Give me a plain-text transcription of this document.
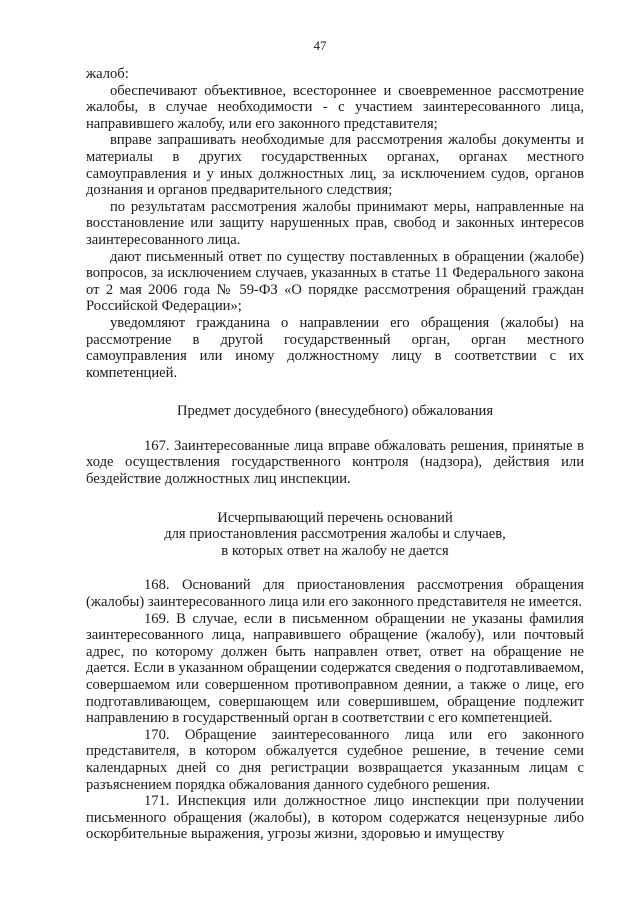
47

жалоб:

обеспечивают объективное, всестороннее и своевременное рассмотрение жалобы, в случае необходимости - с участием заинтересованного лица, направившего жалобу, или его законного представителя;

вправе запрашивать необходимые для рассмотрения жалобы документы и материалы в других государственных органах, органах местного самоуправления и у иных должностных лиц, за исключением судов, органов дознания и органов предварительного следствия;

по результатам рассмотрения жалобы принимают меры, направленные на восстановление или защиту нарушенных прав, свобод и законных интересов заинтересованного лица.

дают письменный ответ по существу поставленных в обращении (жалобе) вопросов, за исключением случаев, указанных в статье 11 Федерального закона от 2 мая 2006 года № 59-ФЗ «О порядке рассмотрения обращений граждан Российской Федерации»;

уведомляют гражданина о направлении его обращения (жалобы) на рассмотрение в другой государственный орган, орган местного самоуправления или иному должностному лицу в соответствии с их компетенцией.

Предмет досудебного (внесудебного) обжалования

167. Заинтересованные лица вправе обжаловать решения, принятые в ходе осуществления государственного контроля (надзора), действия или бездействие должностных лиц инспекции.

Исчерпывающий перечень оснований
для приостановления рассмотрения жалобы и случаев,
в которых ответ на жалобу не дается

168. Оснований для приостановления рассмотрения обращения (жалобы) заинтересованного лица или его законного представителя не имеется.

169. В случае, если в письменном обращении не указаны фамилия заинтересованного лица, направившего обращение (жалобу), или почтовый адрес, по которому должен быть направлен ответ, ответ на обращение не дается. Если в указанном обращении содержатся сведения о подготавливаемом, совершаемом или совершенном противоправном деянии, а также о лице, его подготавливающем, совершающем или совершившем, обращение подлежит направлению в государственный орган в соответствии с его компетенцией.

170. Обращение заинтересованного лица или его законного представителя, в котором обжалуется судебное решение, в течение семи календарных дней со дня регистрации возвращается указанным лицам с разъяснением порядка обжалования данного судебного решения.

171. Инспекция или должностное лицо инспекции при получении письменного обращения (жалобы), в котором содержатся нецензурные либо оскорбительные выражения, угрозы жизни, здоровью и имуществу
